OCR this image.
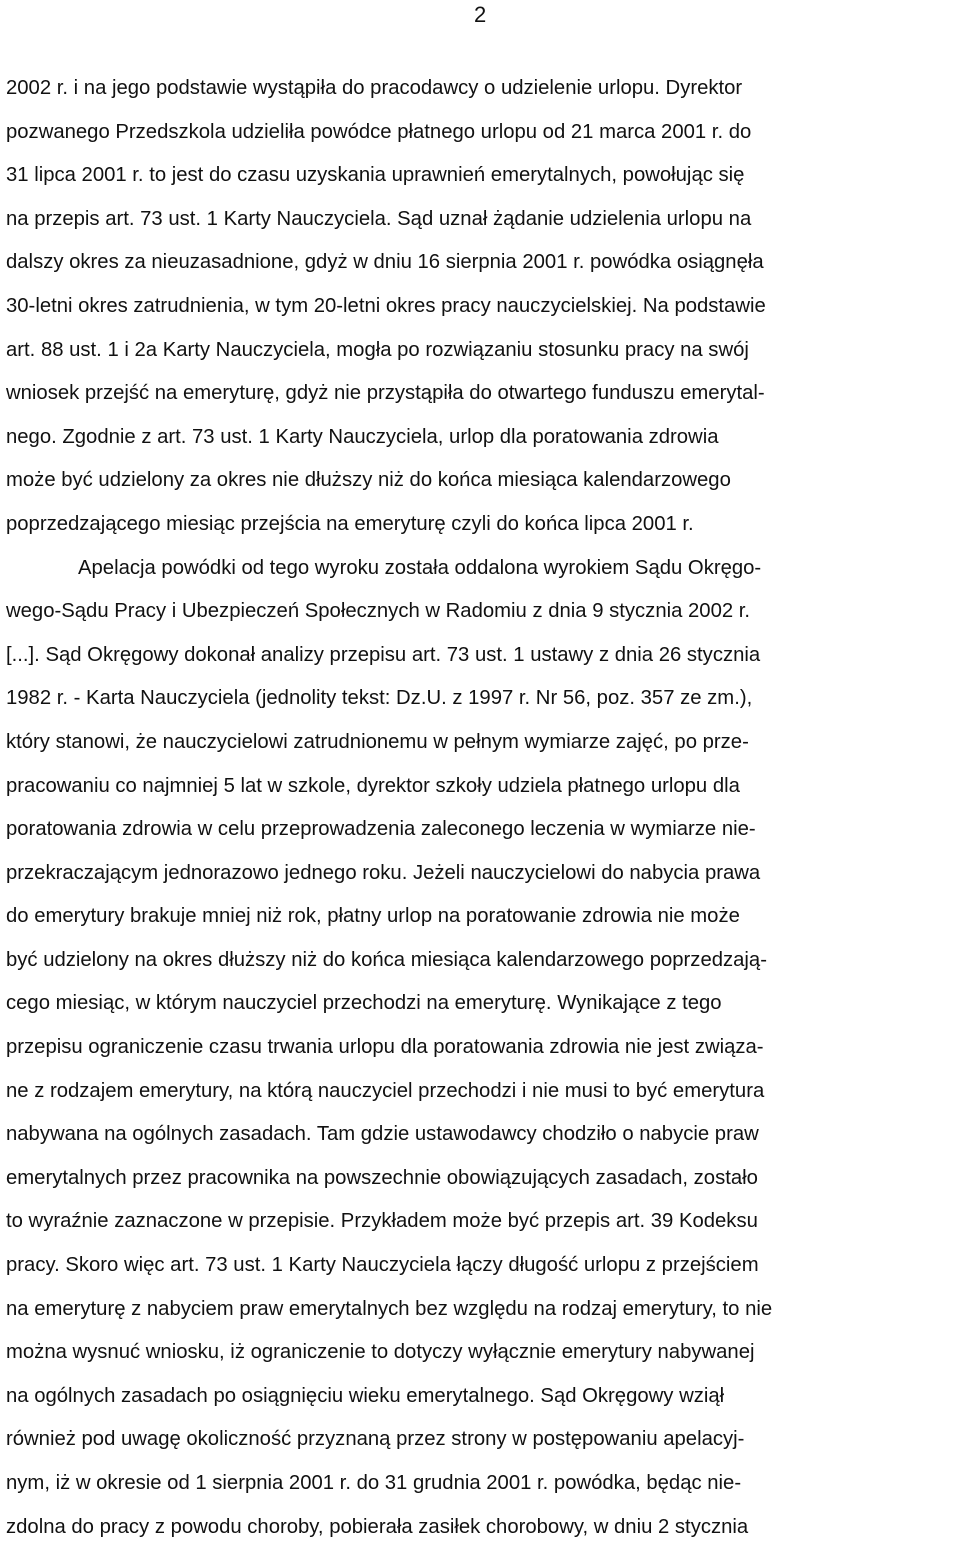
2
2002 r. i na jego podstawie wystąpiła do pracodawcy o udzielenie urlopu. Dyrektor
pozwanego Przedszkola udzieliła powódce płatnego urlopu od 21 marca 2001 r. do
31 lipca 2001 r. to jest do czasu uzyskania uprawnień emerytalnych, powołując się
na przepis art. 73 ust. 1 Karty Nauczyciela. Sąd uznał żądanie udzielenia urlopu na
dalszy okres za nieuzasadnione, gdyż w dniu 16 sierpnia 2001 r. powódka osiągnęła
30-letni okres zatrudnienia, w tym 20-letni okres pracy nauczycielskiej. Na podstawie
art. 88 ust. 1 i 2a Karty Nauczyciela, mogła po rozwiązaniu stosunku pracy na swój
wniosek przejść na emeryturę, gdyż nie przystąpiła do otwartego funduszu emerytal-
nego. Zgodnie z art. 73 ust. 1 Karty Nauczyciela, urlop dla poratowania zdrowia
może być udzielony za okres nie dłuższy niż do końca miesiąca kalendarzowego
poprzedzającego miesiąc przejścia na emeryturę czyli do końca lipca 2001 r.
Apelacja powódki od tego wyroku została oddalona wyrokiem Sądu Okręgo-
wego-Sądu Pracy i Ubezpieczeń Społecznych w Radomiu z dnia 9 stycznia 2002 r.
[...]. Sąd Okręgowy dokonał analizy przepisu art. 73 ust. 1 ustawy z dnia 26 stycznia
1982 r. - Karta Nauczyciela (jednolity tekst: Dz.U. z 1997 r. Nr 56, poz. 357 ze zm.),
który stanowi, że nauczycielowi zatrudnionemu w pełnym wymiarze zajęć, po prze-
pracowaniu co najmniej 5 lat w szkole, dyrektor szkoły udziela płatnego urlopu dla
poratowania zdrowia w celu przeprowadzenia zaleconego leczenia w wymiarze nie-
przekraczającym jednorazowo jednego roku. Jeżeli nauczycielowi do nabycia prawa
do emerytury brakuje mniej niż rok, płatny urlop na poratowanie zdrowia nie może
być udzielony na okres dłuższy niż do końca miesiąca kalendarzowego poprzedzają-
cego miesiąc, w którym nauczyciel przechodzi na emeryturę. Wynikające z tego
przepisu ograniczenie czasu trwania urlopu dla poratowania zdrowia nie jest związa-
ne z rodzajem emerytury, na którą nauczyciel przechodzi i nie musi to być emerytura
nabywana na ogólnych zasadach. Tam gdzie ustawodawcy chodziło o nabycie praw
emerytalnych przez pracownika na powszechnie obowiązujących zasadach, zostało
to wyraźnie zaznaczone w przepisie. Przykładem może być przepis art. 39 Kodeksu
pracy. Skoro więc art. 73 ust. 1 Karty Nauczyciela łączy długość urlopu z przejściem
na emeryturę z nabyciem praw emerytalnych bez względu na rodzaj emerytury, to nie
można wysnuć wniosku, iż ograniczenie to dotyczy wyłącznie emerytury nabywanej
na ogólnych zasadach po osiągnięciu wieku emerytalnego. Sąd Okręgowy wziął
również pod uwagę okoliczność przyznaną przez strony w postępowaniu apelacyj-
nym, iż w okresie od 1 sierpnia 2001 r. do 31 grudnia 2001 r. powódka, będąc nie-
zdolna do pracy z powodu choroby, pobierała zasiłek chorobowy, w dniu 2 stycznia
